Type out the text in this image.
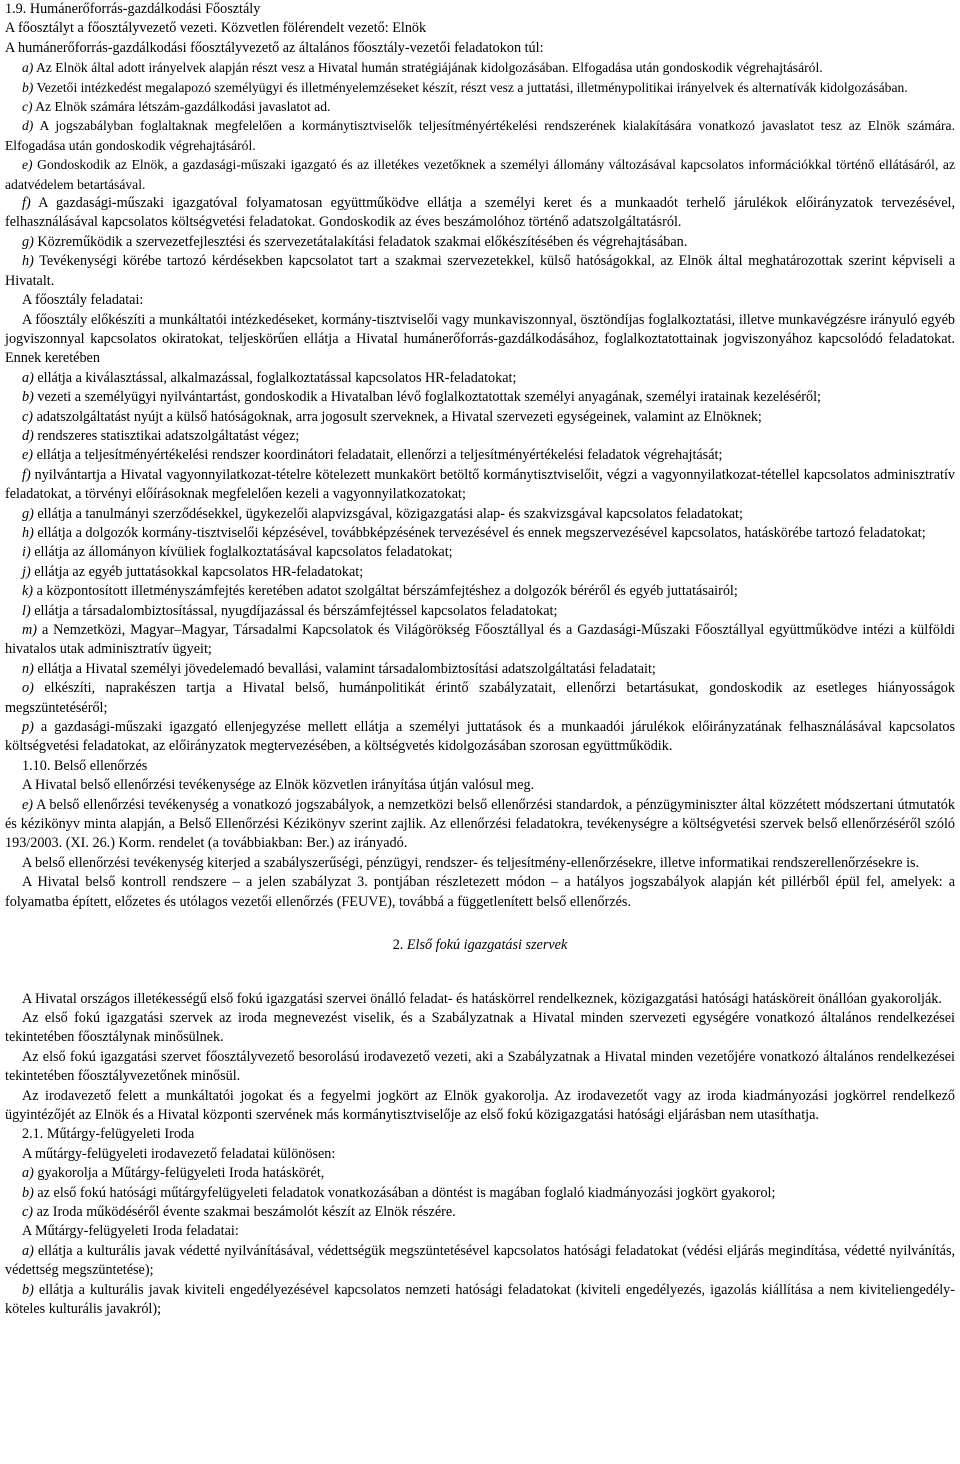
1.9. Humánerőforrás-gazdálkodási Főosztály

A főosztályt a főosztályvezető vezeti. Közvetlen fölérendelt vezető: Elnök

A humánerőforrás-gazdálkodási főosztályvezető az általános főosztály-vezetői feladatokon túl:

a) Az Elnök által adott irányelvek alapján részt vesz a Hivatal humán stratégiájának kidolgozásában. Elfogadása után gondoskodik végrehajtásáról.

b) Vezetői intézkedést megalapozó személyügyi és illetményelemzéseket készít, részt vesz a juttatási, illetménypolitikai irányelvek és alternatívák kidolgozásában.

c) Az Elnök számára létszám-gazdálkodási javaslatot ad.

d) A jogszabályban foglaltaknak megfelelően a kormánytisztviselők teljesítményértékelési rendszerének kialakítására vonatkozó javaslatot tesz az Elnök számára. Elfogadása után gondoskodik végrehajtásáról.

e) Gondoskodik az Elnök, a gazdasági-műszaki igazgató és az illetékes vezetőknek a személyi állomány változásával kapcsolatos információkkal történő ellátásáról, az adatvédelem betartásával.

f) A gazdasági-műszaki igazgatóval folyamatosan együttműködve ellátja a személyi keret és a munkaadót terhelő járulékok előirányzatok tervezésével, felhasználásával kapcsolatos költségvetési feladatokat. Gondoskodik az éves beszámolóhoz történő adatszolgáltatásról.

g) Közreműködik a szervezetfejlesztési és szervezetátalakítási feladatok szakmai előkészítésében és végrehajtásában.

h) Tevékenységi körébe tartozó kérdésekben kapcsolatot tart a szakmai szervezetekkel, külső hatóságokkal, az Elnök által meghatározottak szerint képviseli a Hivatalt.

A főosztály feladatai:

A főosztály előkészíti a munkáltatói intézkedéseket, kormány-tisztviselői vagy munkaviszonnyal, ösztöndíjas foglalkoztatási, illetve munkavégzésre irányuló egyéb jogviszonnyal kapcsolatos okiratokat, teljeskörűen ellátja a Hivatal humánerőforrás-gazdálkodásához, foglalkoztatottainak jogviszonyához kapcsolódó feladatokat. Ennek keretében

a) ellátja a kiválasztással, alkalmazással, foglalkoztatással kapcsolatos HR-feladatokat;

b) vezeti a személyügyi nyilvántartást, gondoskodik a Hivatalban lévő foglalkoztatottak személyi anyagának, személyi iratainak kezeléséről;

c) adatszolgáltatást nyújt a külső hatóságoknak, arra jogosult szerveknek, a Hivatal szervezeti egységeinek, valamint az Elnöknek;

d) rendszeres statisztikai adatszolgáltatást végez;

e) ellátja a teljesítményértékelési rendszer koordinátori feladatait, ellenőrzi a teljesítményértékelési feladatok végrehajtását;

f) nyilvántartja a Hivatal vagyonnyilatkozat-tételre kötelezett munkakört betöltő kormánytisztviselőit, végzi a vagyonnyilatkozat-tétellel kapcsolatos adminisztratív feladatokat, a törvényi előírásoknak megfelelően kezeli a vagyonnyilatkozatokat;

g) ellátja a tanulmányi szerződésekkel, ügykezelői alapvizsgával, közigazgatási alap- és szakvizsgával kapcsolatos feladatokat;

h) ellátja a dolgozók kormány-tisztviselői képzésével, továbbképzésének tervezésével és ennek megszervezésével kapcsolatos, hatáskörébe tartozó feladatokat;

i) ellátja az állományon kívüliek foglalkoztatásával kapcsolatos feladatokat;

j) ellátja az egyéb juttatásokkal kapcsolatos HR-feladatokat;

k) a központosított illetményszámfejtés keretében adatot szolgáltat bérszámfejtéshez a dolgozók béréről és egyéb juttatásairól;

l) ellátja a társadalombiztosítással, nyugdíjazással és bérszámfejtéssel kapcsolatos feladatokat;

m) a Nemzetközi, Magyar–Magyar, Társadalmi Kapcsolatok és Világörökség Főosztállyal és a Gazdasági-Műszaki Főosztállyal együttműködve intézi a külföldi hivatalos utak adminisztratív ügyeit;

n) ellátja a Hivatal személyi jövedelemadó bevallási, valamint társadalombiztosítási adatszolgáltatási feladatait;

o) elkészíti, naprakészen tartja a Hivatal belső, humánpolitikát érintő szabályzatait, ellenőrzi betartásukat, gondoskodik az esetleges hiányosságok megszüntetéséről;

p) a gazdasági-műszaki igazgató ellenjegyzése mellett ellátja a személyi juttatások és a munkaadói járulékok előirányzatának felhasználásával kapcsolatos költségvetési feladatokat, az előirányzatok megtervezésében, a költségvetés kidolgozásában szorosan együttműködik.

1.10. Belső ellenőrzés

A Hivatal belső ellenőrzési tevékenysége az Elnök közvetlen irányítása útján valósul meg.

e) A belső ellenőrzési tevékenység a vonatkozó jogszabályok, a nemzetközi belső ellenőrzési standardok, a pénzügyminiszter által közzétett módszertani útmutatók és kézikönyv minta alapján, a Belső Ellenőrzési Kézikönyv szerint zajlik. Az ellenőrzési feladatokra, tevékenységre a költségvetési szervek belső ellenőrzéséről szóló 193/2003. (XI. 26.) Korm. rendelet (a továbbiakban: Ber.) az irányadó.

A belső ellenőrzési tevékenység kiterjed a szabályszerűségi, pénzügyi, rendszer- és teljesítmény-ellenőrzésekre, illetve informatikai rendszerellenőrzésekre is.

A Hivatal belső kontroll rendszere – a jelen szabályzat 3. pontjában részletezett módon – a hatályos jogszabályok alapján két pillérből épül fel, amelyek: a folyamatba épített, előzetes és utólagos vezetői ellenőrzés (FEUVE), továbbá a függetlenített belső ellenőrzés.

2. Első fokú igazgatási szervek

A Hivatal országos illetékességű első fokú igazgatási szervei önálló feladat- és hatáskörrel rendelkeznek, közigazgatási hatósági hatásköreit önállóan gyakorolják.

Az első fokú igazgatási szervek az iroda megnevezést viselik, és a Szabályzatnak a Hivatal minden szervezeti egységére vonatkozó általános rendelkezései tekintetében főosztálynak minősülnek.

Az első fokú igazgatási szervet főosztályvezető besorolású irodavezető vezeti, aki a Szabályzatnak a Hivatal minden vezetőjére vonatkozó általános rendelkezései tekintetében főosztályvezetőnek minősül.

Az irodavezető felett a munkáltatói jogokat és a fegyelmi jogkört az Elnök gyakorolja. Az irodavezetőt vagy az iroda kiadmányozási jogkörrel rendelkező ügyintézőjét az Elnök és a Hivatal központi szervének más kormánytisztviselője az első fokú közigazgatási hatósági eljárásban nem utasíthatja.

2.1. Műtárgy-felügyeleti Iroda

A műtárgy-felügyeleti irodavezető feladatai különösen:

a) gyakorolja a Műtárgy-felügyeleti Iroda hatáskörét,

b) az első fokú hatósági műtárgyfelügyeleti feladatok vonatkozásában a döntést is magában foglaló kiadmányozási jogkört gyakorol;

c) az Iroda működéséről évente szakmai beszámolót készít az Elnök részére.

A Műtárgy-felügyeleti Iroda feladatai:

a) ellátja a kulturális javak védetté nyilvánításával, védettségük megszüntetésével kapcsolatos hatósági feladatokat (védési eljárás megindítása, védetté nyilvánítás, védettség megszüntetése);

b) ellátja a kulturális javak kiviteli engedélyezésével kapcsolatos nemzeti hatósági feladatokat (kiviteli engedélyezés, igazolás kiállítása a nem kiviteliengedély-köteles kulturális javakról);
